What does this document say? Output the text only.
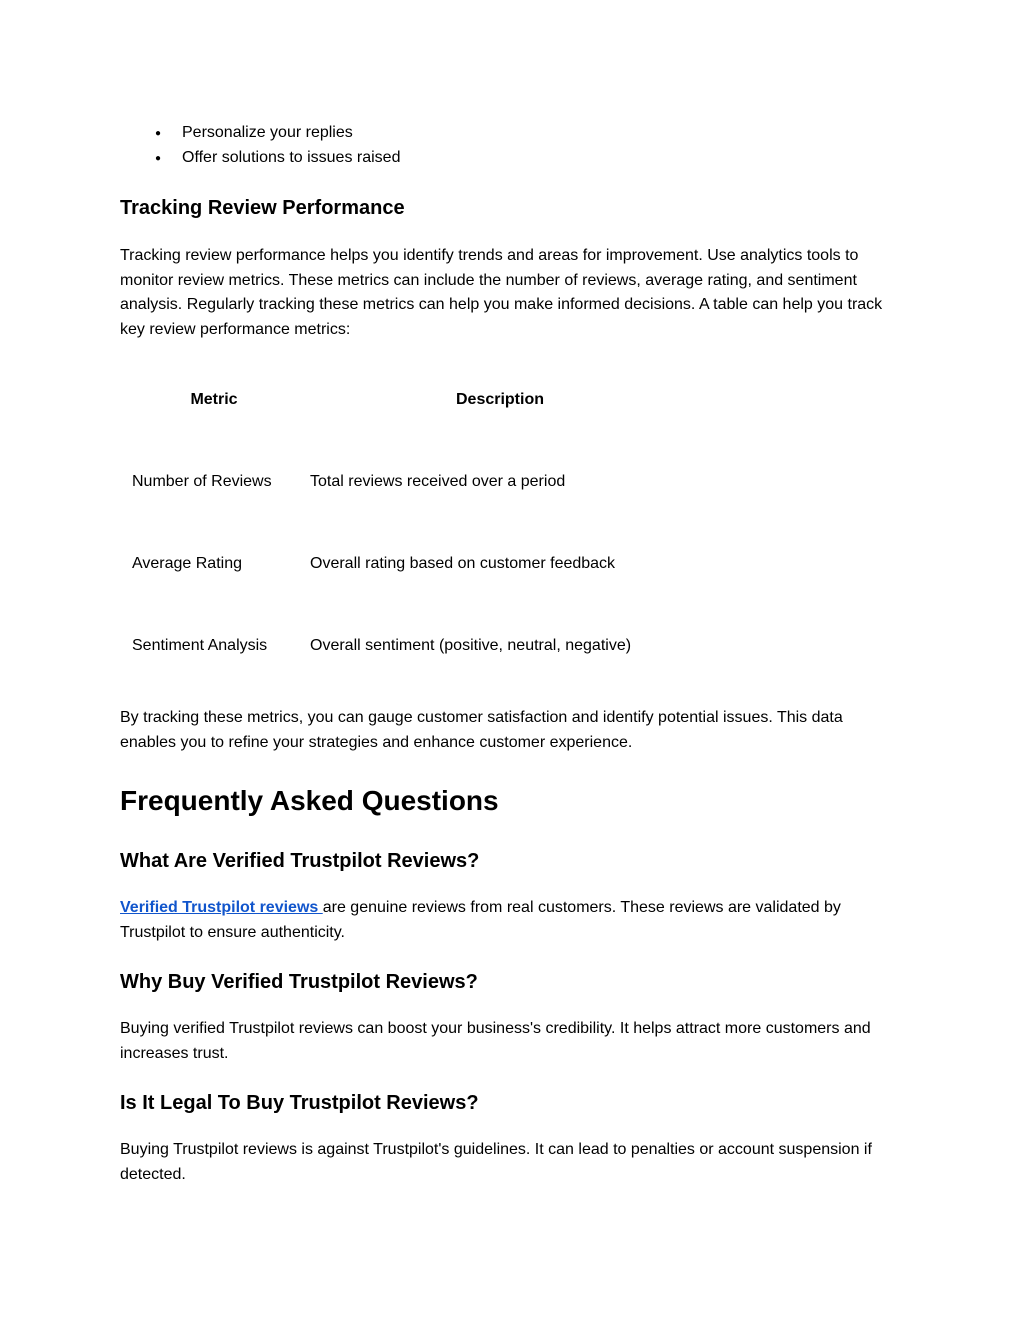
● Personalize your replies
● Offer solutions to issues raised
Tracking Review Performance

Tracking review performance helps you identify trends and areas for improvement. Use analytics tools to monitor review metrics. These metrics can include the number of reviews, average rating, and sentiment analysis. Regularly tracking these metrics can help you make informed decisions. A table can help you track key review performance metrics:

Metric	Description
Number of Reviews	Total reviews received over a period
Average Rating	Overall rating based on customer feedback
Sentiment Analysis	Overall sentiment (positive, neutral, negative)

By tracking these metrics, you can gauge customer satisfaction and identify potential issues. This data enables you to refine your strategies and enhance customer experience.

Frequently Asked Questions
What Are Verified Trustpilot Reviews?

Verified Trustpilot reviews are genuine reviews from real customers. These reviews are validated by Trustpilot to ensure authenticity.

Why Buy Verified Trustpilot Reviews?

Buying verified Trustpilot reviews can boost your business's credibility. It helps attract more customers and increases trust.

Is It Legal To Buy Trustpilot Reviews?

Buying Trustpilot reviews is against Trustpilot's guidelines. It can lead to penalties or account suspension if detected.
